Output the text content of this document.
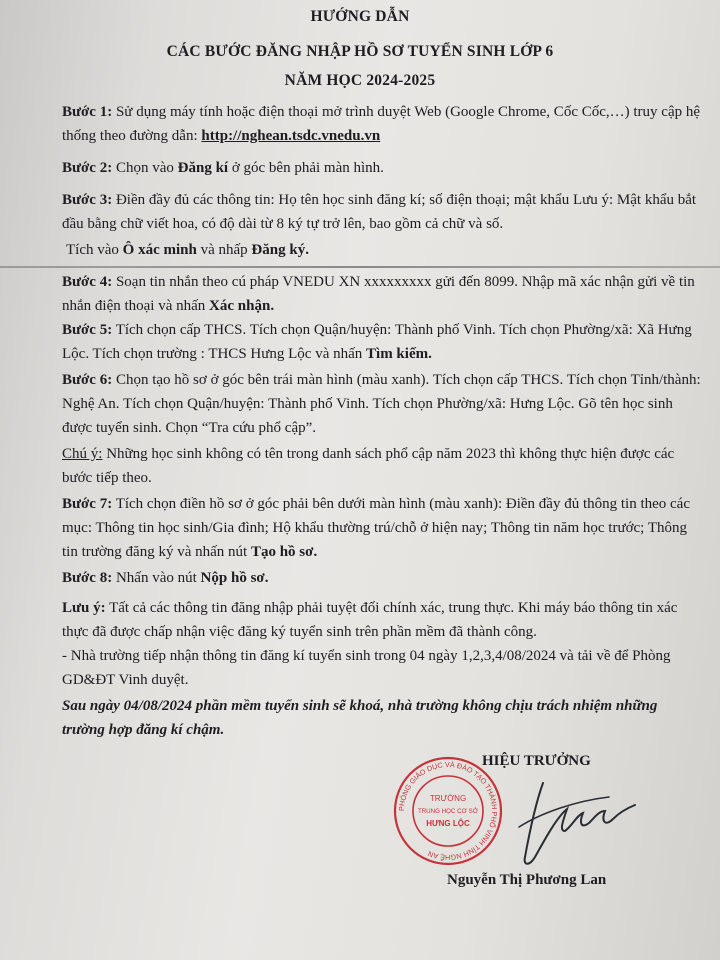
HƯỚNG DẪN
CÁC BƯỚC ĐĂNG NHẬP HỒ SƠ TUYỂN SINH LỚP 6
NĂM HỌC 2024-2025

Bước 1: Sử dụng máy tính hoặc điện thoại mở trình duyệt Web (Google Chrome, Cốc Cốc,…) truy cập hệ thống theo đường dẫn: http://nghean.tsdc.vnedu.vn

Bước 2: Chọn vào Đăng kí ở góc bên phải màn hình.

Bước 3: Điền đầy đủ các thông tin: Họ tên học sinh đăng kí; số điện thoại; mật khẩu Lưu ý: Mật khẩu bắt đầu bằng chữ viết hoa, có độ dài từ 8 ký tự trở lên, bao gồm cả chữ và số.

Tích vào Ô xác minh và nhấp Đăng ký.

Bước 4: Soạn tin nhắn theo cú pháp VNEDU XN xxxxxxxxx gửi đến 8099. Nhập mã xác nhận gửi về tin nhắn điện thoại và nhấn Xác nhận.

Bước 5: Tích chọn cấp THCS. Tích chọn Quận/huyện: Thành phố Vinh. Tích chọn Phường/xã: Xã Hưng Lộc. Tích chọn trường : THCS Hưng Lộc và nhấn Tìm kiếm.

Bước 6: Chọn tạo hồ sơ ở góc bên trái màn hình (màu xanh). Tích chọn cấp THCS. Tích chọn Tỉnh/thành: Nghệ An. Tích chọn Quận/huyện: Thành phố Vinh. Tích chọn Phường/xã: Hưng Lộc. Gõ tên học sinh được tuyển sinh. Chọn “Tra cứu phổ cập”.

Chú ý: Những học sinh không có tên trong danh sách phổ cập năm 2023 thì không thực hiện được các bước tiếp theo.

Bước 7: Tích chọn điền hồ sơ ở góc phải bên dưới màn hình (màu xanh): Điền đầy đủ thông tin theo các mục: Thông tin học sinh/Gia đình; Hộ khẩu thường trú/chỗ ở hiện nay; Thông tin năm học trước; Thông tin trường đăng ký và nhấn nút Tạo hồ sơ.

Bước 8: Nhấn vào nút Nộp hồ sơ.

Lưu ý: Tất cả các thông tin đăng nhập phải tuyệt đối chính xác, trung thực. Khi máy báo thông tin xác thực đã được chấp nhận việc đăng ký tuyển sinh trên phần mềm đã thành công.

- Nhà trường tiếp nhận thông tin đăng kí tuyển sinh trong 04 ngày 1,2,3,4/08/2024 và tải về để Phòng GD&ĐT Vinh duyệt.

Sau ngày 04/08/2024 phần mềm tuyển sinh sẽ khoá, nhà trường không chịu trách nhiệm những trường hợp đăng kí chậm.

HIỆU TRƯỞNG
PHÒNG GIÁO DỤC VÀ ĐÀO TẠO THÀNH PHỐ VINH TỈNH NGHỆ AN
TRƯỜNG
TRUNG HỌC CƠ SỞ
HƯNG LỘC
Nguyễn Thị Phương Lan
